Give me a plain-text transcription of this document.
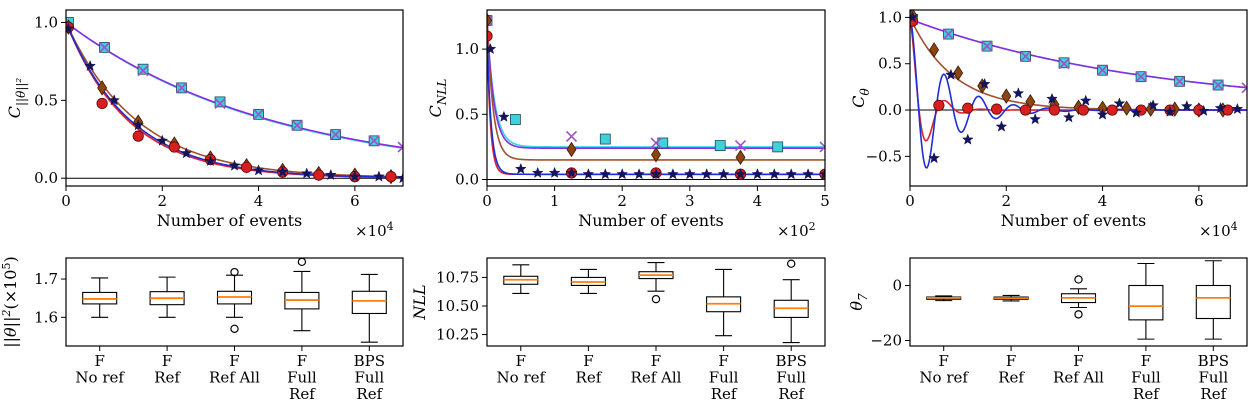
0	2	4	6
0.0
0.5
1.0
Number of events
$\times 10^4$
$C_{||\theta||^2}$
0	1	2	3	4	5
0.0
0.5
1.0
Number of events
$\times 10^2$
$C_{NLL}$
0	2	4	6
−0.5
0.0
0.5
1.0
Number of events
$\times 10^4$
$C_\theta$
F
No ref
F
Ref
F
Ref All
F
Full
Ref
BPS
Full
Ref
1.6
1.7
$||\theta||^2(\times 10^5)$
F
No ref
F
Ref
F
Ref All
F
Full
Ref
BPS
Full
Ref
10.25
10.50
10.75
NLL
F
No ref
F
Ref
F
Ref All
F
Full
Ref
BPS
Full
Ref
−20
0
$\theta_7$
